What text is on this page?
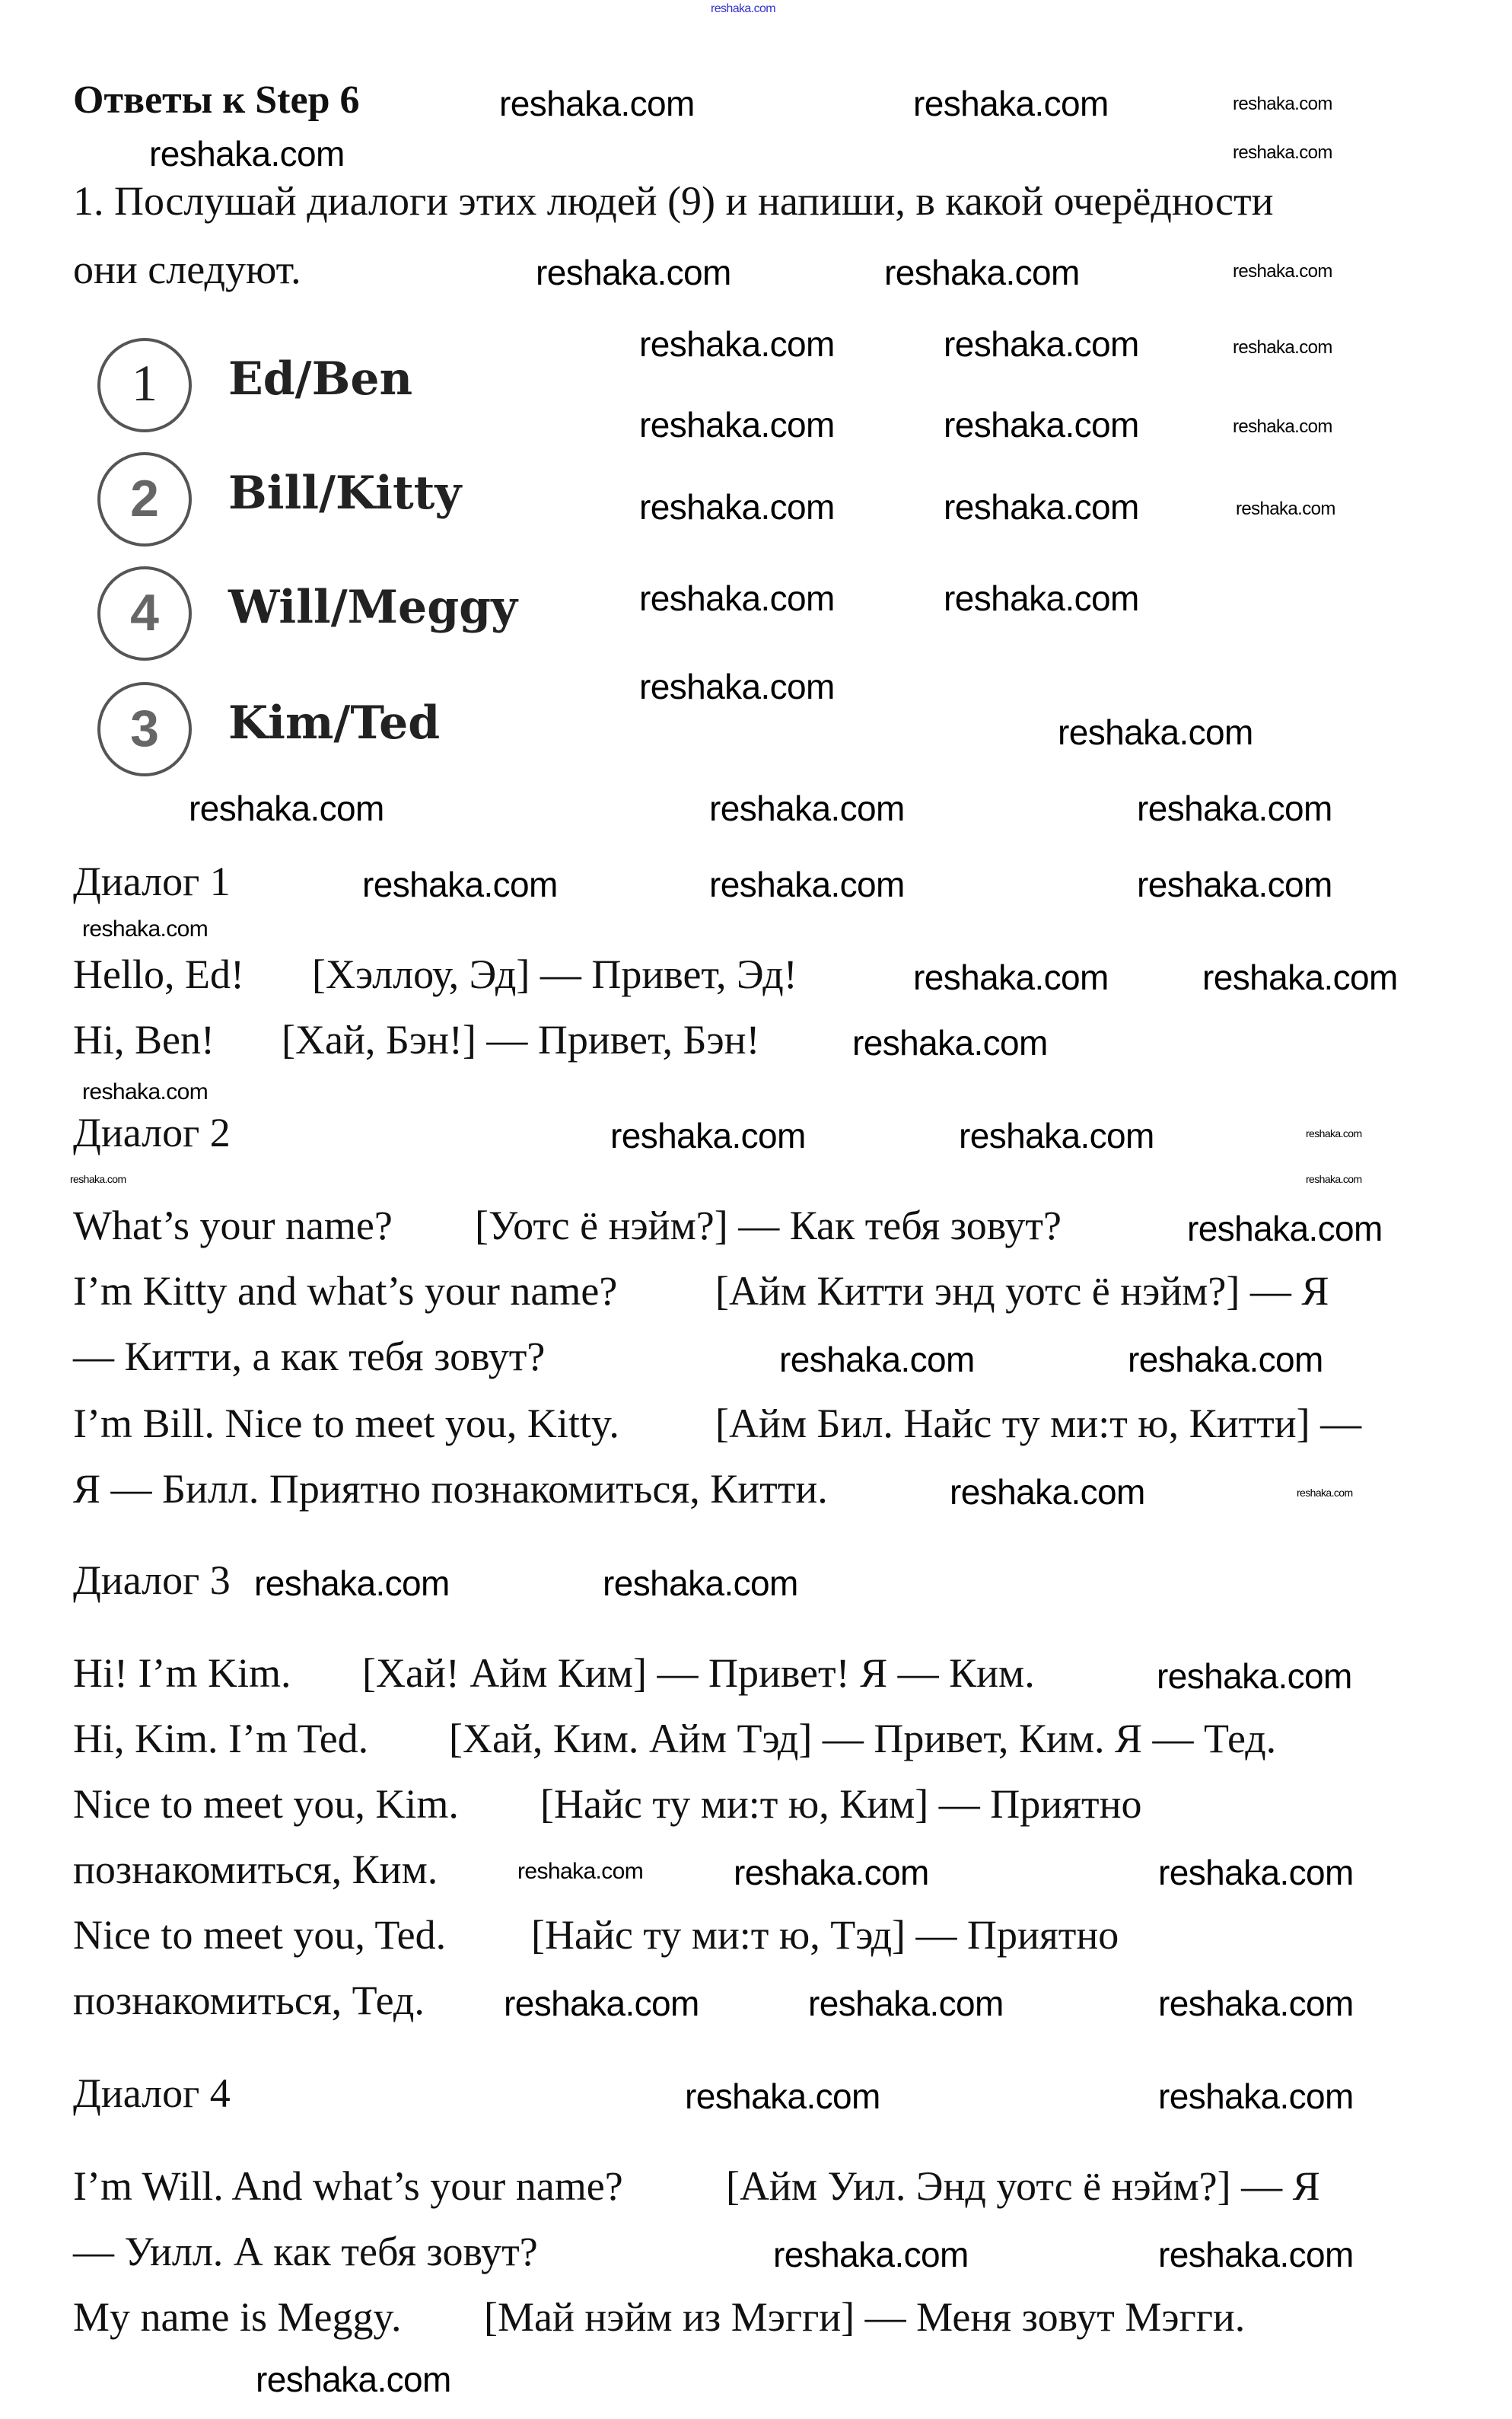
Ответы к Step 6
1. Послушай диалоги этих людей (9) и напиши, в какой очерёдности
они следуют.
1	Ed/Ben
2	Bill/Kitty
4	Will/Meggy
3	Kim/Ted
Диалог 1
Hello, Ed!	[Хэллоу, Эд] — Привет, Эд!
Hi, Ben!	[Хай, Бэн!] — Привет, Бэн!
Диалог 2
What’s your name?	[Уотс ё нэйм?] — Как тебя зовут?
I’m Kitty and what’s your name?	[Айм Китти энд уотс ё нэйм?] — Я
— Китти, а как тебя зовут?
I’m Bill. Nice to meet you, Kitty.	[Айм Бил. Найс ту ми:т ю, Китти] —
Я — Билл. Приятно познакомиться, Китти.
Диалог 3
Hi! I’m Kim.	[Хай! Айм Ким] — Привет! Я — Ким.
Hi, Kim. I’m Ted.	[Хай, Ким. Айм Тэд] — Привет, Ким. Я — Тед.
Nice to meet you, Kim.	[Найс ту ми:т ю, Ким] — Приятно
познакомиться, Ким.
Nice to meet you, Ted.	[Найс ту ми:т ю, Тэд] — Приятно
познакомиться, Тед.
Диалог 4
I’m Will. And what’s your name?	[Айм Уил. Энд уотс ё нэйм?] — Я
— Уилл. А как тебя зовут?
My name is Meggy.	[Май нэйм из Мэгги] — Меня зовут Мэгги.
reshaka.com
reshaka.com	reshaka.com	reshaka.com
reshaka.com	reshaka.com
reshaka.com	reshaka.com	reshaka.com
reshaka.com	reshaka.com	reshaka.com
reshaka.com	reshaka.com	reshaka.com
reshaka.com	reshaka.com	reshaka.com
reshaka.com	reshaka.com
reshaka.com
reshaka.com
reshaka.com	reshaka.com	reshaka.com
reshaka.com	reshaka.com	reshaka.com
reshaka.com
reshaka.com	reshaka.com
reshaka.com
reshaka.com
reshaka.com	reshaka.com	reshaka.com
reshaka.com
reshaka.com
reshaka.com
reshaka.com	reshaka.com
reshaka.com	reshaka.com
reshaka.com	reshaka.com
reshaka.com
reshaka.com	reshaka.com	reshaka.com
reshaka.com	reshaka.com	reshaka.com
reshaka.com	reshaka.com
reshaka.com	reshaka.com
reshaka.com
